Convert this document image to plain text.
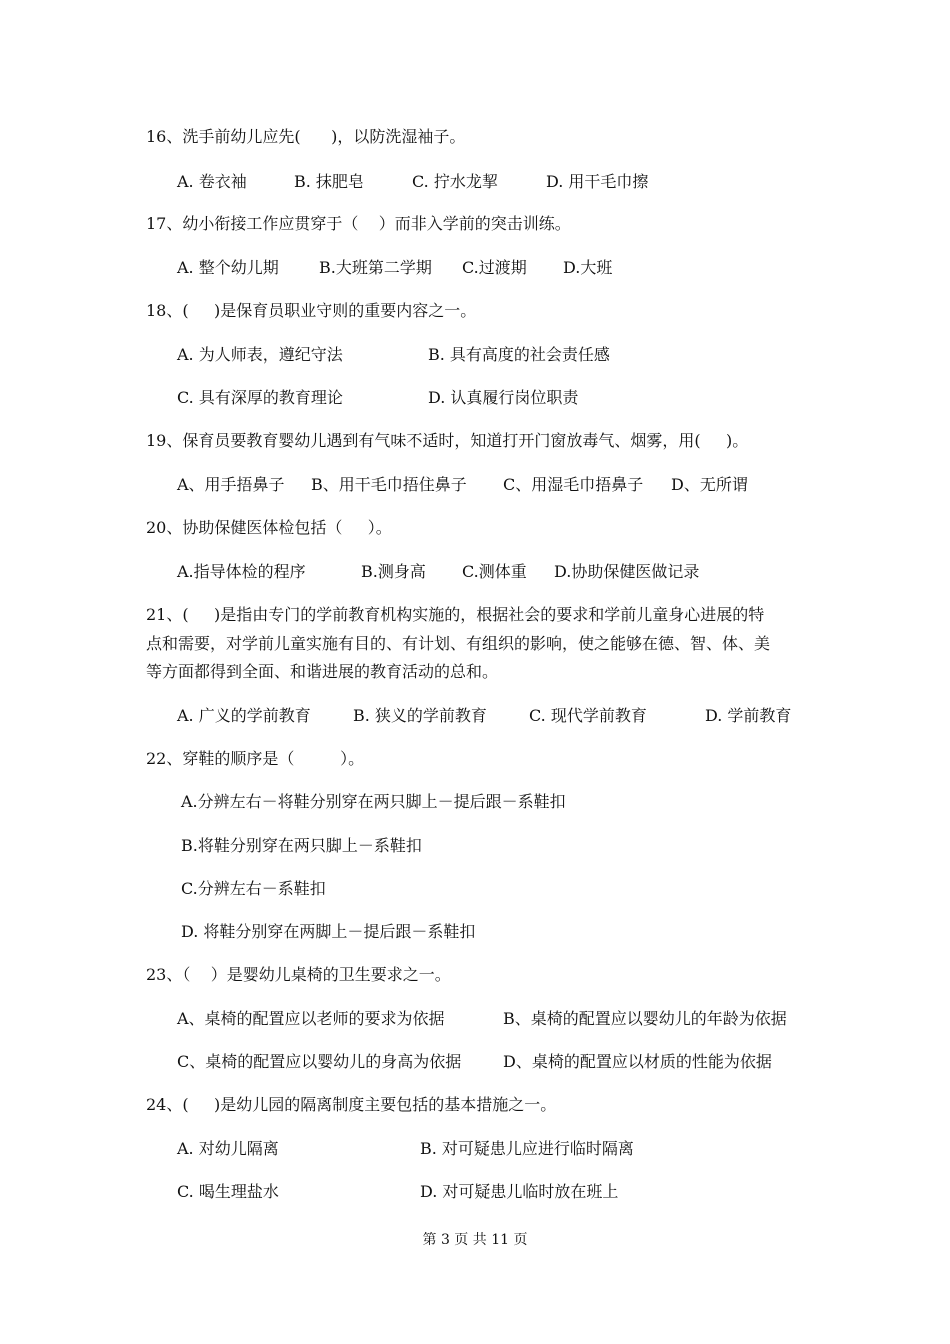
16、洗手前幼儿应先(      )，以防洗湿袖子。
A. 卷衣袖	B. 抹肥皂	C. 拧水龙挈	D. 用干毛巾擦
17、幼小衔接工作应贯穿于（    ）而非入学前的突击训练。
A. 整个幼儿期	B.大班第二学期 C.过渡期 D.大班
18、(     )是保育员职业守则的重要内容之一。
A. 为人师表，遵纪守法	B. 具有高度的社会责任感
C. 具有深厚的教育理论	D. 认真履行岗位职责
19、保育员要教育婴幼儿遇到有气味不适时，知道打开门窗放毒气、烟雾，用(     )。
A、用手捂鼻子 B、用干毛巾捂住鼻子 C、用湿毛巾捂鼻子 D、无所谓
20、协助保健医体检包括（     ）。
A.指导体检的程序	B.测身高 C.测体重 D.协助保健医做记录
21、(     )是指由专门的学前教育机构实施的，根据社会的要求和学前儿童身心进展的特
点和需要，对学前儿童实施有目的、有计划、有组织的影响，使之能够在德、智、体、美
等方面都得到全面、和谐进展的教育活动的总和。
A. 广义的学前教育	B. 狭义的学前教育	C. 现代学前教育	D. 学前教育
22、穿鞋的顺序是（         ）。
A.分辨左右－将鞋分别穿在两只脚上－提后跟－系鞋扣
B.将鞋分别穿在两只脚上－系鞋扣
C.分辨左右－系鞋扣
D. 将鞋分别穿在两脚上－提后跟－系鞋扣
23、（    ）是婴幼儿桌椅的卫生要求之一。
A、桌椅的配置应以老师的要求为依据	B、桌椅的配置应以婴幼儿的年龄为依据
C、桌椅的配置应以婴幼儿的身高为依据	D、桌椅的配置应以材质的性能为依据
24、(     )是幼儿园的隔离制度主要包括的基本措施之一。
A. 对幼儿隔离	B. 对可疑患儿应进行临时隔离
C. 喝生理盐水	D. 对可疑患儿临时放在班上
第 3 页 共 11 页
